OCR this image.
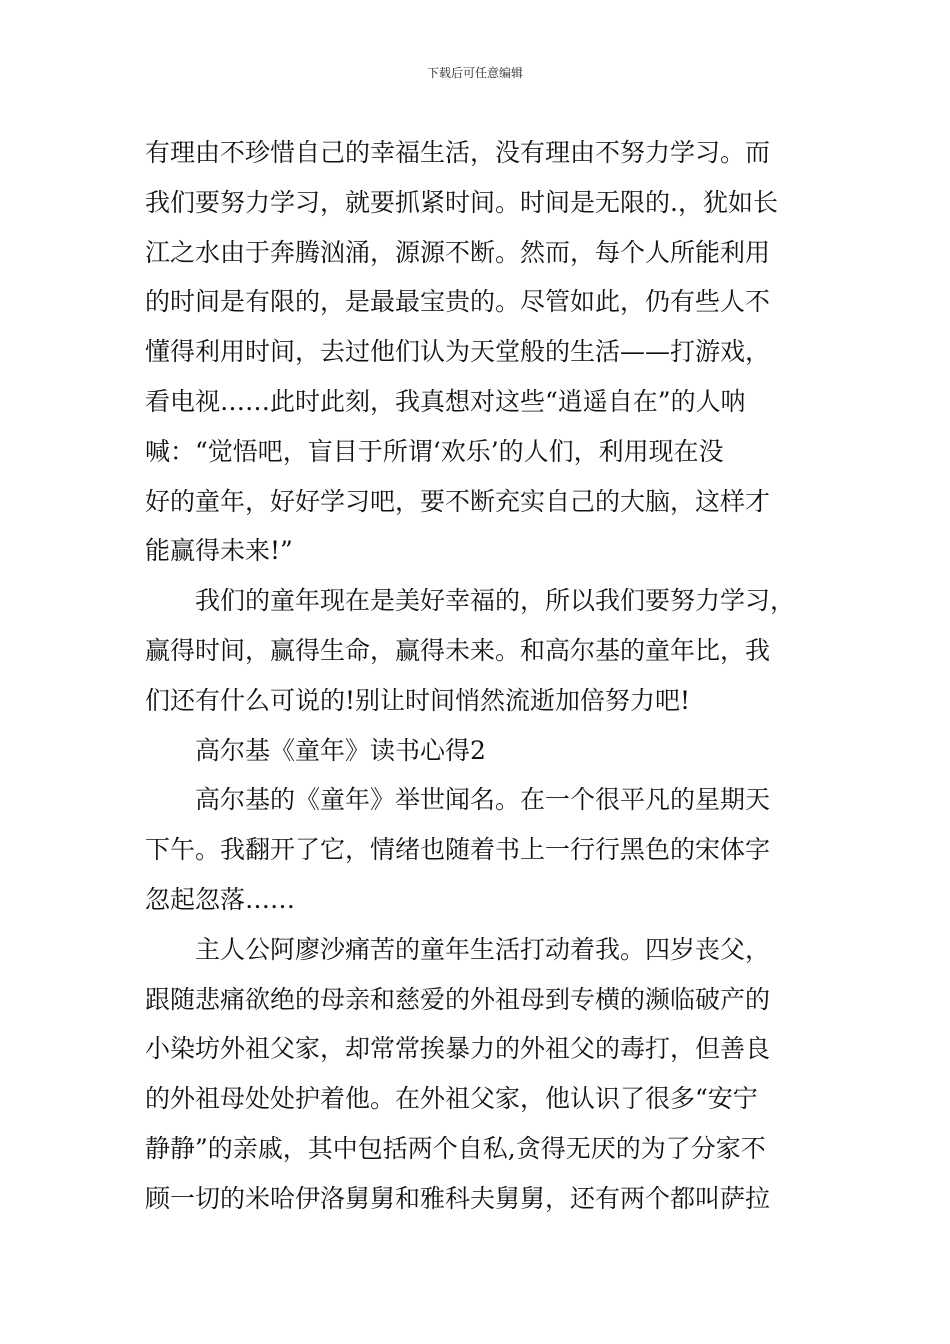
下载后可任意编辑
有理由不珍惜自己的幸福生活，没有理由不努力学习。而
我们要努力学习，就要抓紧时间。时间是无限的.，犹如长
江之水由于奔腾汹涌，源源不断。然而，每个人所能利用
的时间是有限的，是最最宝贵的。尽管如此，仍有些人不
懂得利用时间，去过他们认为天堂般的生活——打游戏，
看电视……此时此刻，我真想对这些“逍遥自在”的人呐
喊：“觉悟吧，盲目于所谓‘欢乐’的人们，利用现在没
好的童年，好好学习吧，要不断充实自己的大脑，这样才
能赢得未来!”
我们的童年现在是美好幸福的，所以我们要努力学习，
赢得时间，赢得生命，赢得未来。和高尔基的童年比，我
们还有什么可说的!别让时间悄然流逝加倍努力吧!
高尔基《童年》读书心得2
高尔基的《童年》举世闻名。在一个很平凡的星期天
下午。我翻开了它，情绪也随着书上一行行黑色的宋体字
忽起忽落……
主人公阿廖沙痛苦的童年生活打动着我。四岁丧父，
跟随悲痛欲绝的母亲和慈爱的外祖母到专横的濒临破产的
小染坊外祖父家，却常常挨暴力的外祖父的毒打，但善良
的外祖母处处护着他。在外祖父家，他认识了很多“安宁
静静”的亲戚，其中包括两个自私,贪得无厌的为了分家不
顾一切的米哈伊洛舅舅和雅科夫舅舅，还有两个都叫萨拉
